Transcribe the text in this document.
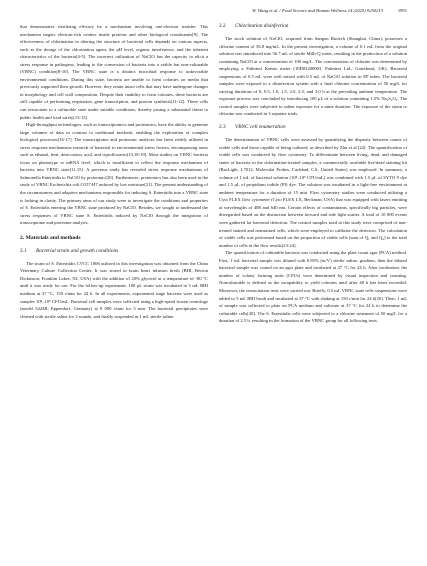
W. Wang et al. / Food Science and Human Wellness 14 (2025) 9250213	1991

that demonstrates sterilizing efficacy by a mechanism involving one-electron transfer. This mechanism targets electron-rich centers inside proteins and other biological constituents[9]. The effectiveness of chlorination in altering the structure of bacterial cells depends on various aspects, such as the dosage of the chlorination agent, the pH level, organic interference, and the inherent characteristics of the bacteria[4-5]. The incorrect utilization of NaClO has the capacity to elicit a stress response in pathogens, leading to the conversion of bacteria into a viable but non-culturable (VBNC) condition[8-10]. The VBNC state is a distinct microbial response to unfavorable environmental conditions. During this state, bacteria are unable to form colonies on media that previously supported their growth. However, they retain intact cells that may have undergone changes in morphology and cell wall composition. Despite their inability to form colonies, these bacteria are still capable of performing respiration, gene transcription, and protein synthesis[11-12]. These cells can resuscitate to a culturable state under suitable conditions, thereby posing a substantial threat to public health and food safety[13-15].

High-throughput technologies, such as transcriptomics and proteomics, have the ability to generate large volumes of data in contrast to traditional methods, enabling the exploration of complex biological processes[16-17]. The transcriptome and proteomic analyses has been widely utilized in stress response mechanisms research of bacterial to environmental stress factors, encompassing areas such as ethanol, heat, desiccation, acid, and ciprofloxacin[13,18-19]. Most studies on VBNC bacteria focus on phenotype or mRNA level, which is insufficient to reflect the response mechanism of bacteria into VBNC state[11,15]. A previous study has revealed stress response mechanisms of Salmonella Enteritidis to NaClO by proteomic[20]. Furthermore, proteomics has also been used in the study of VBNC Escherichia coli O157:H7 induced by low moisture[21]. The present understanding of the circumstances and adaptive mechanisms responsible for inducing S. Enteritidis into a VBNC state is lacking in clarity. The primary aims of our study were to investigate the conditions and properties of S. Enteritidis entering the VBNC state produced by NaClO. Besides, we sought to understand the stress responses of VBNC state S. Enteritidis induced by NaClO through the integration of transcriptome and proteome analysis.

2. Materials and methods
2.1 Bacterial strain and growth conditions

The strain of S. Enteritidis CVCC 1806 utilized in this investigation was obtained from the China Veterinary Culture Collection Center. It was stored in brain heart infusion broth (BHI, Becton Dickinson, Franklin Lakes, NJ, USA) with the addition of 20% glycerol at a temperature of -80 °C until it was ready for use. For the follow-up experiment, 100 μL strain was incubated in 5 mL BHI medium at 37 °C, 150 r/min for 24 h. In all experiments, exponential stage bacteria were used as samples 10⁸–10⁹ CFU/mL. Bacterial cell samples were collected using a high-speed frozen centrifuge (model 5424R, Eppendorf, Germany) at 8 000 r/min for 5 min. The bacterial precipitates were cleaned with sterile saline for 3 rounds, and finally suspended in 1 mL sterile saline.

2.2 Chlorination disinfection

The stock solution of NaClO, acquired from Sangon Biotech (Shanghai, China), possesses a chlorine content of 56.8 mg/mL. In the present investigation, a volume of 0.1 mL from the original solution was introduced into 56.7 mL of sterile Milli-Q water, resulting in the production of a solution containing NaClO at a concentration of 100 mg/L. The concentration of chlorine was determined by employing a Palintest Kemio meter (10D03200003, Palintest Ltd., Gateshead, UK). Bacterial suspensions of 0.5 mL were well mixed with 0.5 mL of NaClO solution in EP tubes. The bacterial samples were exposed to a disinfection system with a final chlorine concentration of 50 mg/L for varying durations of 0, 0.5, 1.0, 1.5, 2.0, 2.5, and 3.0 h at the prevailing ambient temperature. The exposure process was concluded by introducing 100 μL of a solution containing 1.5% Na₂S₂O₃. The control samples were subjected to saline exposure for a same duration. The exposure of the strain to chlorine was conducted in 3 separate trials.

2.3 VBNC cell enumeration

The determination of VBNC cells were assessed by quantifying the disparity between counts of viable cells and those capable of being cultured, as described by Zhu et al.[22]. The quantification of viable cells was conducted by flow cytometry. To differentiate between living, dead, and damaged states of bacteria in the chlorination-treated samples, a commercially available live/dead staining kit (BacLight, L7012, Molecular Probes, Carlsbad, CA, United States) was employed. In summary, a volume of 1 mL of bacterial solution (10⁸–10⁹ CFU/mL) was combined with 1.5 μL of SYTO 9 dye and 1.5 μL of propidium iodide (PI) dye. The solution was incubated in a light-free environment at ambient temperature for a duration of 15 min. Flow cytometry studies were conducted utilizing a Cyto FLEX flow cytometer (Cyto FLEX LX, Beckman, USA) that was equipped with lasers emitting at wavelengths of 488 and 640 nm. Certain effects of contaminants, specifically big particles, were disregarded based on the distinction between forward and side light scatter. A total of 10 000 events were gathered for bacterial detection. The control samples used in this study were comprised of non-treated stained and nonstained cells, which were employed to calibrate the detectors. The calculation of viable cells was performed based on the proportion of viable cells (sum of Q₁ and Q₄) to the total number of cells in the flow results[23-24].

The quantification of culturable bacteria was conducted using the plate count agar (PCA) method. First, 1 mL bacterial sample was diluted with 0.85% (m/V) sterile saline; gradient, then the diluted bacterial sample was coated on an agar plate and incubated at 37 °C for 24 h. After incubation, the number of colony forming units (CFUs) were determined by visual inspection and counting. Nonculturable is defined as the incapability to yield colonies until after 48 h has been exceeded. Moreover, the resuscitation tests were carried out. Briefly, 0.5 mL VBNC state cells suspensions were added to 5 mL BHI broth and incubated at 37 °C with shaking at 150 r/min for 24 h[20]. Then, 1 mL of sample was collected to plate on PCA medium and cultivate at 37 °C for 24 h to determine the culturable cells[20]. The S. Enteritidis cells were subjected to a chlorine treatment of 50 mg/L for a duration of 2.5 h, resulting in the formation of the VBNC group for all following tests.
